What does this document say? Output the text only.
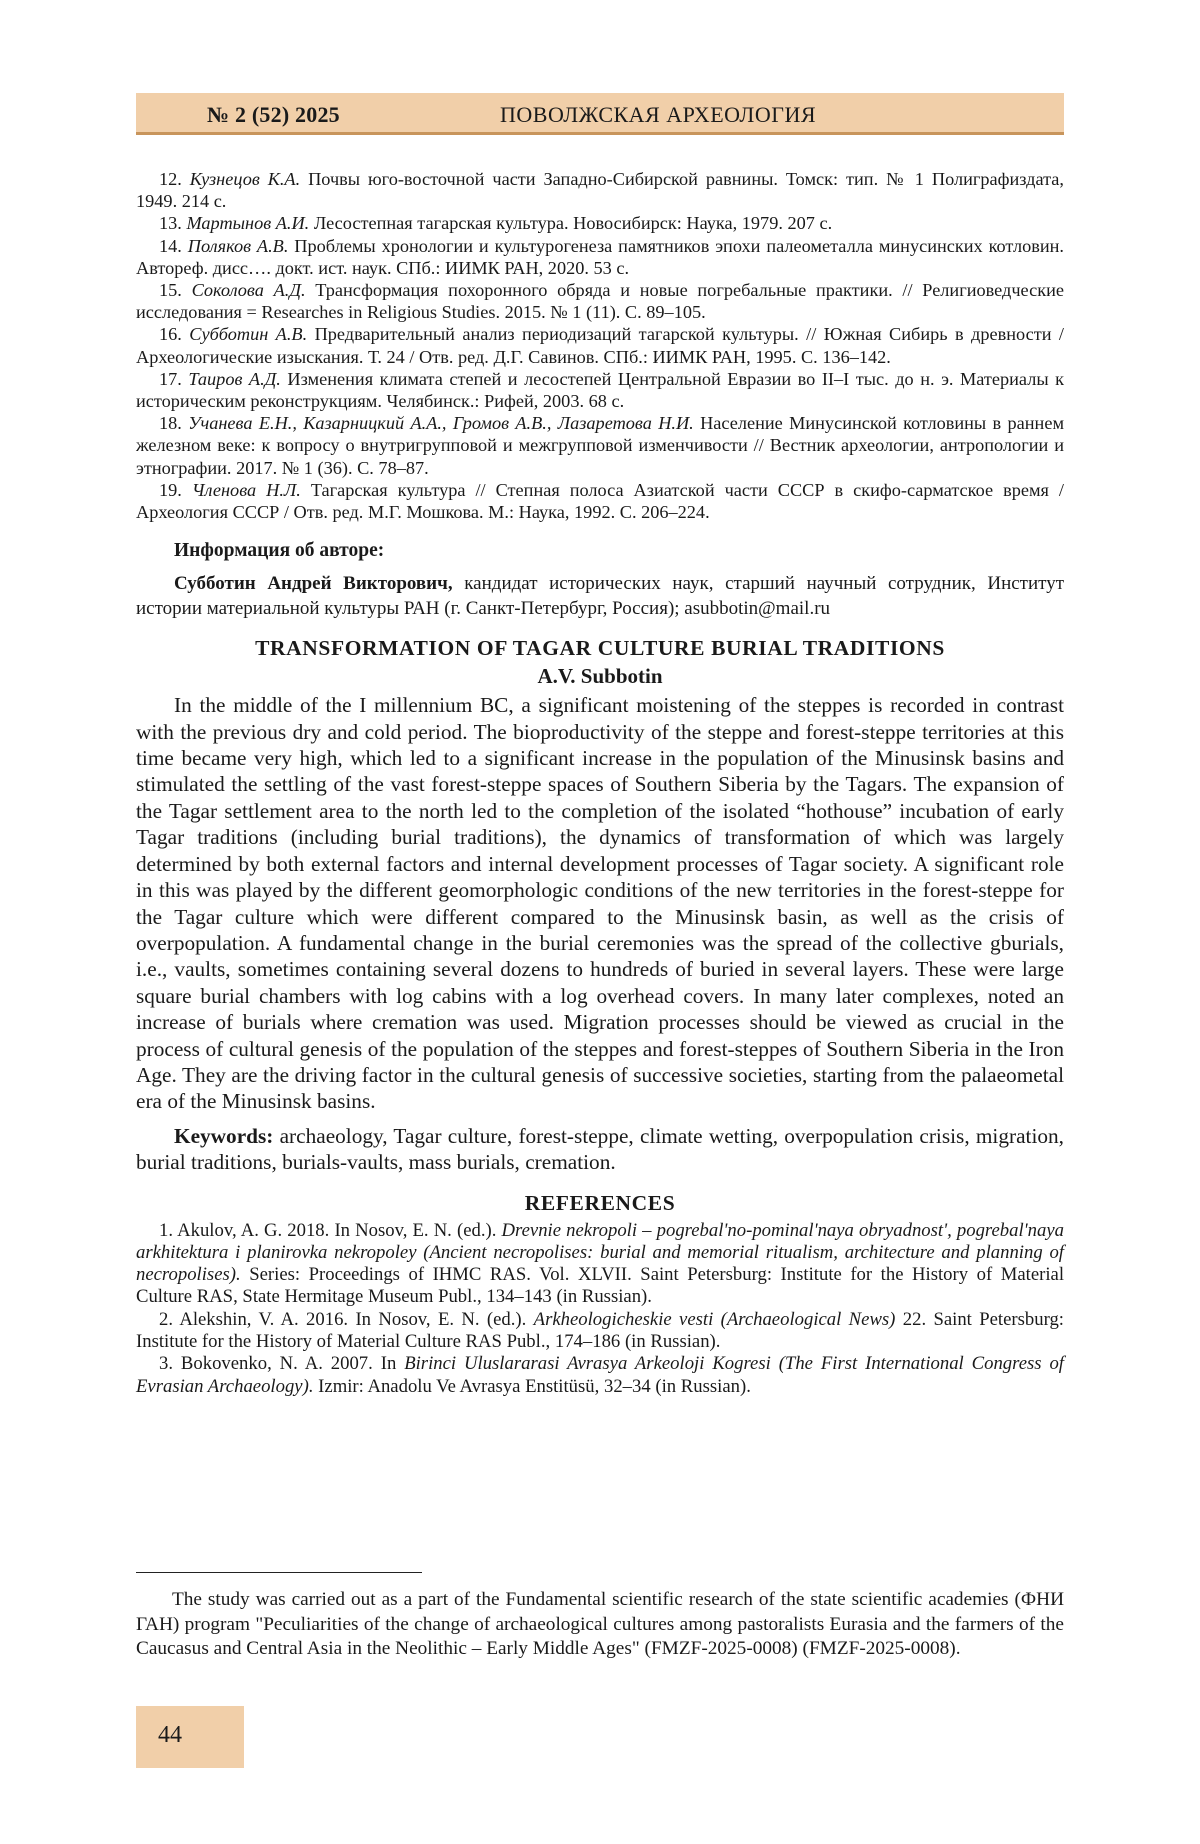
№ 2 (52) 2025	ПОВОЛЖСКАЯ АРХЕОЛОГИЯ

12. Кузнецов К.А. Почвы юго-восточной части Западно-Сибирской равнины. Томск: тип. № 1 Полиграфиздата, 1949. 214 с.

13. Мартынов А.И. Лесостепная тагарская культура. Новосибирск: Наука, 1979. 207 с.

14. Поляков А.В. Проблемы хронологии и культурогенеза памятников эпохи палеометалла минусинских котловин. Автореф. дисс…. докт. ист. наук. СПб.: ИИМК РАН, 2020. 53 с.

15. Соколова А.Д. Трансформация похоронного обряда и новые погребальные практики. // Религиоведческие исследования = Researches in Religious Studies. 2015. № 1 (11). С. 89–105.

16. Субботин А.В. Предварительный анализ периодизаций тагарской культуры. // Южная Сибирь в древности / Археологические изыскания. Т. 24 / Отв. ред. Д.Г. Савинов. СПб.: ИИМК РАН, 1995. С. 136–142.

17. Таиров А.Д. Изменения климата степей и лесостепей Центральной Евразии во II–I тыс. до н. э. Материалы к историческим реконструкциям. Челябинск.: Рифей, 2003. 68 с.

18. Учанева Е.Н., Казарницкий А.А., Громов А.В., Лазаретова Н.И. Население Минусинской котловины в раннем железном веке: к вопросу о внутригрупповой и межгрупповой изменчивости // Вестник археологии, антропологии и этнографии. 2017. № 1 (36). С. 78–87.

19. Членова Н.Л. Тагарская культура // Степная полоса Азиатской части СССР в скифо-сарматское время / Археология СССР / Отв. ред. М.Г. Мошкова. М.: Наука, 1992. С. 206–224.

Информация об авторе:

Субботин Андрей Викторович, кандидат исторических наук, старший научный сотрудник, Институт истории материальной культуры РАН (г. Санкт-Петербург, Россия); asubbotin@mail.ru

TRANSFORMATION OF TAGAR CULTURE BURIAL TRADITIONS

A.V. Subbotin

In the middle of the I millennium BC, a significant moistening of the steppes is recorded in contrast with the previous dry and cold period. The bioproductivity of the steppe and forest-steppe territories at this time became very high, which led to a significant increase in the population of the Minusinsk basins and stimulated the settling of the vast forest-steppe spaces of Southern Siberia by the Tagars. The expansion of the Tagar settlement area to the north led to the completion of the isolated “hothouse” incubation of early Tagar traditions (including burial traditions), the dynamics of transformation of which was largely determined by both external factors and internal development processes of Tagar society. A significant role in this was played by the different geomorphologic conditions of the new territories in the forest-steppe for the Tagar culture which were different compared to the Minusinsk basin, as well as the crisis of overpopulation. A fundamental change in the burial ceremonies was the spread of the collective gburials, i.e., vaults, sometimes containing several dozens to hundreds of buried in several layers. These were large square burial chambers with log cabins with a log overhead covers. In many later complexes, noted an increase of burials where cremation was used. Migration processes should be viewed as crucial in the process of cultural genesis of the population of the steppes and forest-steppes of Southern Siberia in the Iron Age. They are the driving factor in the cultural genesis of successive societies, starting from the palaeometal era of the Minusinsk basins.

Keywords: archaeology, Tagar culture, forest-steppe, climate wetting, overpopulation crisis, migration, burial traditions, burials-vaults, mass burials, cremation.

REFERENCES

1. Akulov, A. G. 2018. In Nosov, E. N. (ed.). Drevnie nekropoli – pogrebal'no-pominal'naya obryadnost', pogrebal'naya arkhitektura i planirovka nekropoley (Ancient necropolises: burial and memorial ritualism, architecture and planning of necropolises). Series: Proceedings of IHMC RAS. Vol. XLVII. Saint Petersburg: Institute for the History of Material Culture RAS, State Hermitage Museum Publ., 134–143 (in Russian).

2. Alekshin, V. A. 2016. In Nosov, E. N. (ed.). Arkheologicheskie vesti (Archaeological News) 22. Saint Petersburg: Institute for the History of Material Culture RAS Publ., 174–186 (in Russian).

3. Bokovenko, N. A. 2007. In Birinci Uluslararasi Avrasya Arkeoloji Kogresi (The First International Congress of Evrasian Archaeology). Izmir: Anadolu Ve Avrasya Enstitüsü, 32–34 (in Russian).

The study was carried out as a part of the Fundamental scientific research of the state scientific academies (ФНИ ГАН) program "Peculiarities of the change of archaeological cultures among pastoralists Eurasia and the farmers of the Caucasus and Central Asia in the Neolithic – Early Middle Ages" (FMZF-2025-0008) (FMZF-2025-0008).

44
